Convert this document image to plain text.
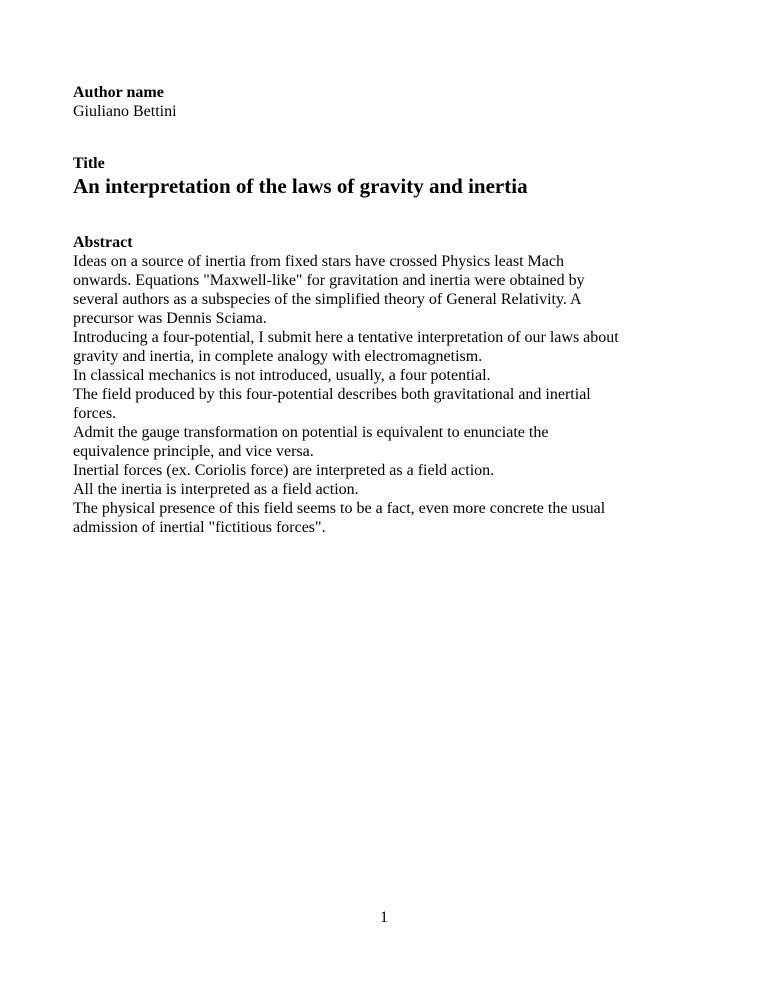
Author name
Giuliano Bettini
Title
An interpretation of the laws of gravity and inertia
Abstract
Ideas on a source of inertia from fixed stars have crossed Physics least Mach
onwards. Equations "Maxwell-like" for gravitation and inertia were obtained by
several authors as a subspecies of the simplified theory of General Relativity. A
precursor was Dennis Sciama.
Introducing a four-potential, I submit here a tentative interpretation of our laws about
gravity and inertia, in complete analogy with electromagnetism.
In classical mechanics is not introduced, usually, a four potential.
The field produced by this four-potential describes both gravitational and inertial
forces.
Admit the gauge transformation on potential is equivalent to enunciate the
equivalence principle, and vice versa.
Inertial forces (ex. Coriolis force) are interpreted as a field action.
All the inertia is interpreted as a field action.
The physical presence of this field seems to be a fact, even more concrete the usual
admission of inertial "fictitious forces".
1
